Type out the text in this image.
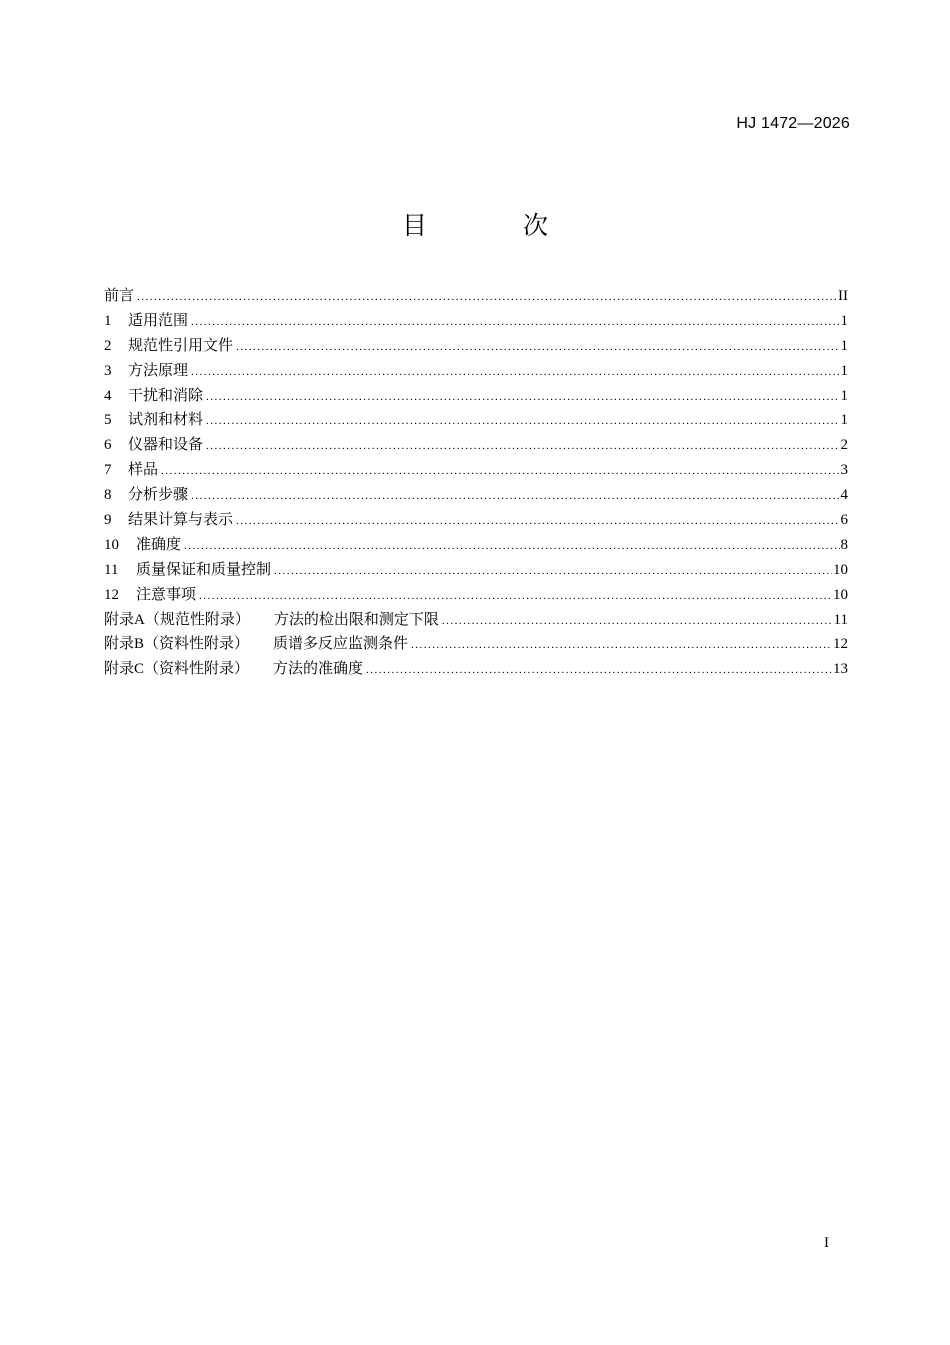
HJ 1472—2026
目 次
前言 .....	II
1	适用范围 .....	1
2	规范性引用文件 .....	1
3	方法原理 .....	1
4	干扰和消除 .....	1
5	试剂和材料 .....	1
6	仪器和设备 .....	2
7	样品 .....	3
8	分析步骤 .....	4
9	结果计算与表示 .....	6
10	准确度 .....	8
11	质量保证和质量控制 .....	10
12	注意事项 .....	10
附录A（规范性附录） 方法的检出限和测定下限 .....	11
附录B（资料性附录） 质谱多反应监测条件 .....	12
附录C（资料性附录） 方法的准确度 .....	13
I
